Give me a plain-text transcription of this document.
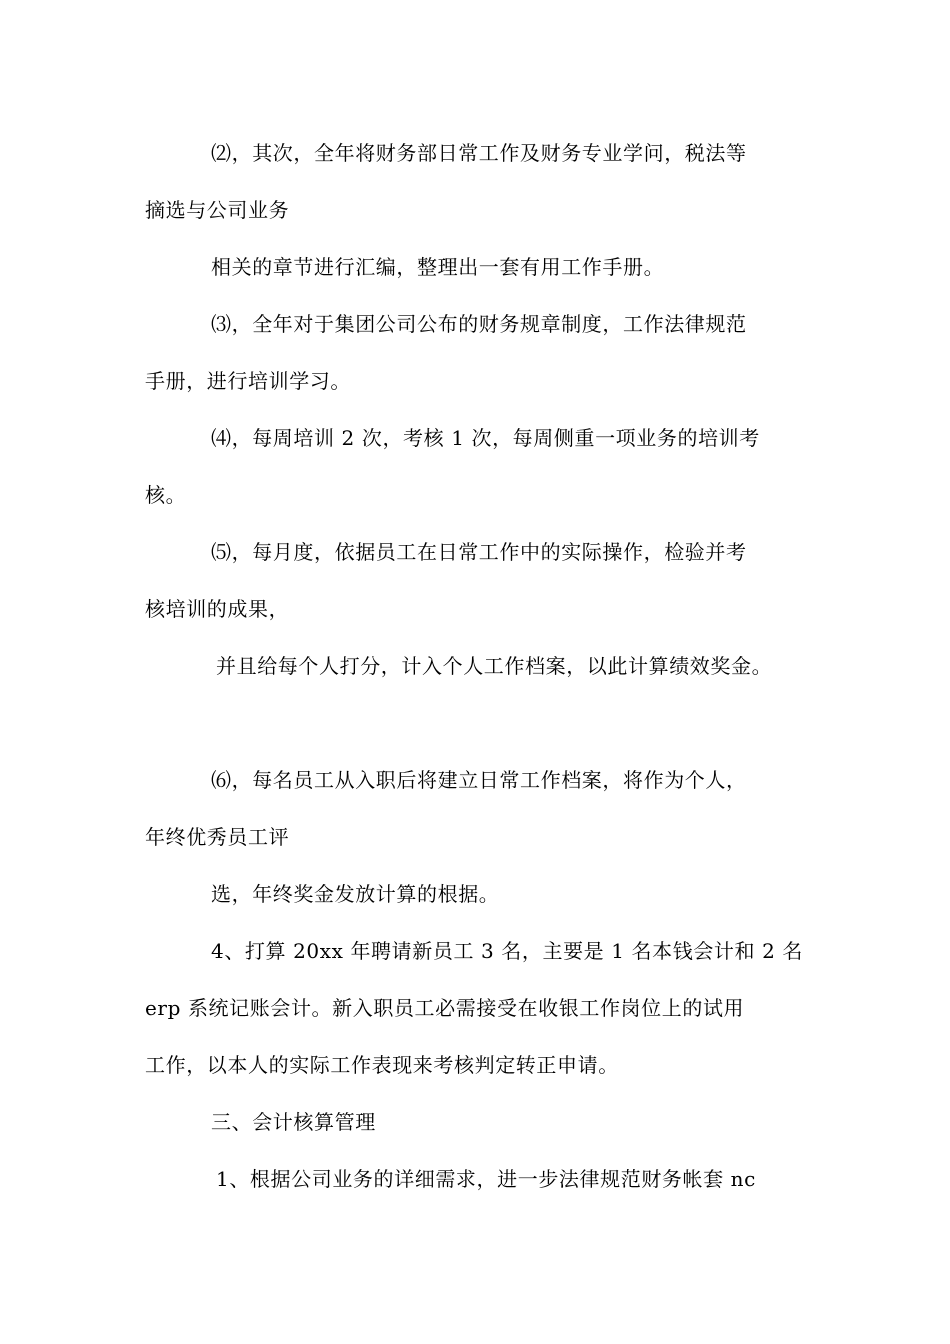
⑵，其次，全年将财务部日常工作及财务专业学问，税法等
摘选与公司业务
相关的章节进行汇编，整理出一套有用工作手册。
⑶，全年对于集团公司公布的财务规章制度，工作法律规范
手册，进行培训学习。
⑷，每周培训 2 次，考核 1 次，每周侧重一项业务的培训考
核。
⑸，每月度，依据员工在日常工作中的实际操作，检验并考
核培训的成果，
并且给每个人打分，计入个人工作档案，以此计算绩效奖金。
⑹，每名员工从入职后将建立日常工作档案，将作为个人，
年终优秀员工评
选，年终奖金发放计算的根据。
4、打算 20xx 年聘请新员工 3 名，主要是 1 名本钱会计和 2 名
erp 系统记账会计。新入职员工必需接受在收银工作岗位上的试用
工作，以本人的实际工作表现来考核判定转正申请。
三、会计核算管理
1、根据公司业务的详细需求，进一步法律规范财务帐套 nc
